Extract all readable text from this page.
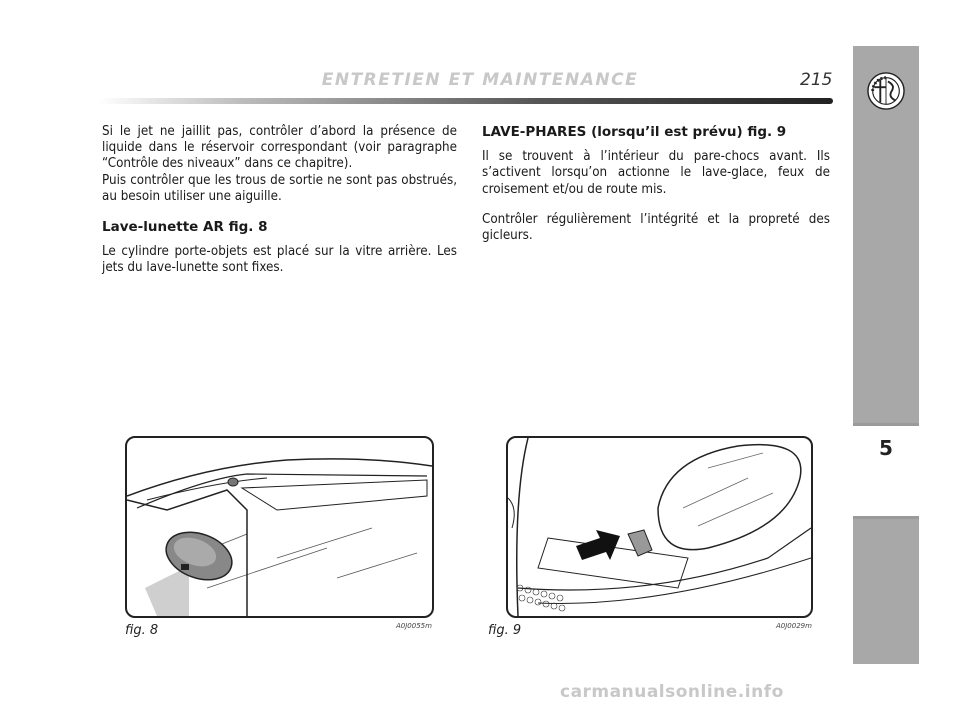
ENTRETIEN ET MAINTENANCE	215
5

Si le jet ne jaillit pas, contrôler d’abord la présence de liquide dans le réservoir correspondant (voir paragraphe “Contrôle des niveaux” dans ce chapitre).

Puis contrôler que les trous de sortie ne sont pas obstrués, au besoin utiliser une aiguille.

Lave-lunette AR fig. 8

Le cylindre porte-objets est placé sur la vitre arrière. Les jets du lave-lunette sont fixes.

LAVE-PHARES (lorsqu’il est prévu) fig. 9

Il se trouvent à l’intérieur du pare-chocs avant. Ils s’activent lorsqu’on actionne le lave-glace, feux de croisement et/ou de route mis.

Contrôler régulièrement l’intégrité et la propreté des gicleurs.

fig. 8	A0J0055m	fig. 9	A0J0029m
carmanualsonline.info
